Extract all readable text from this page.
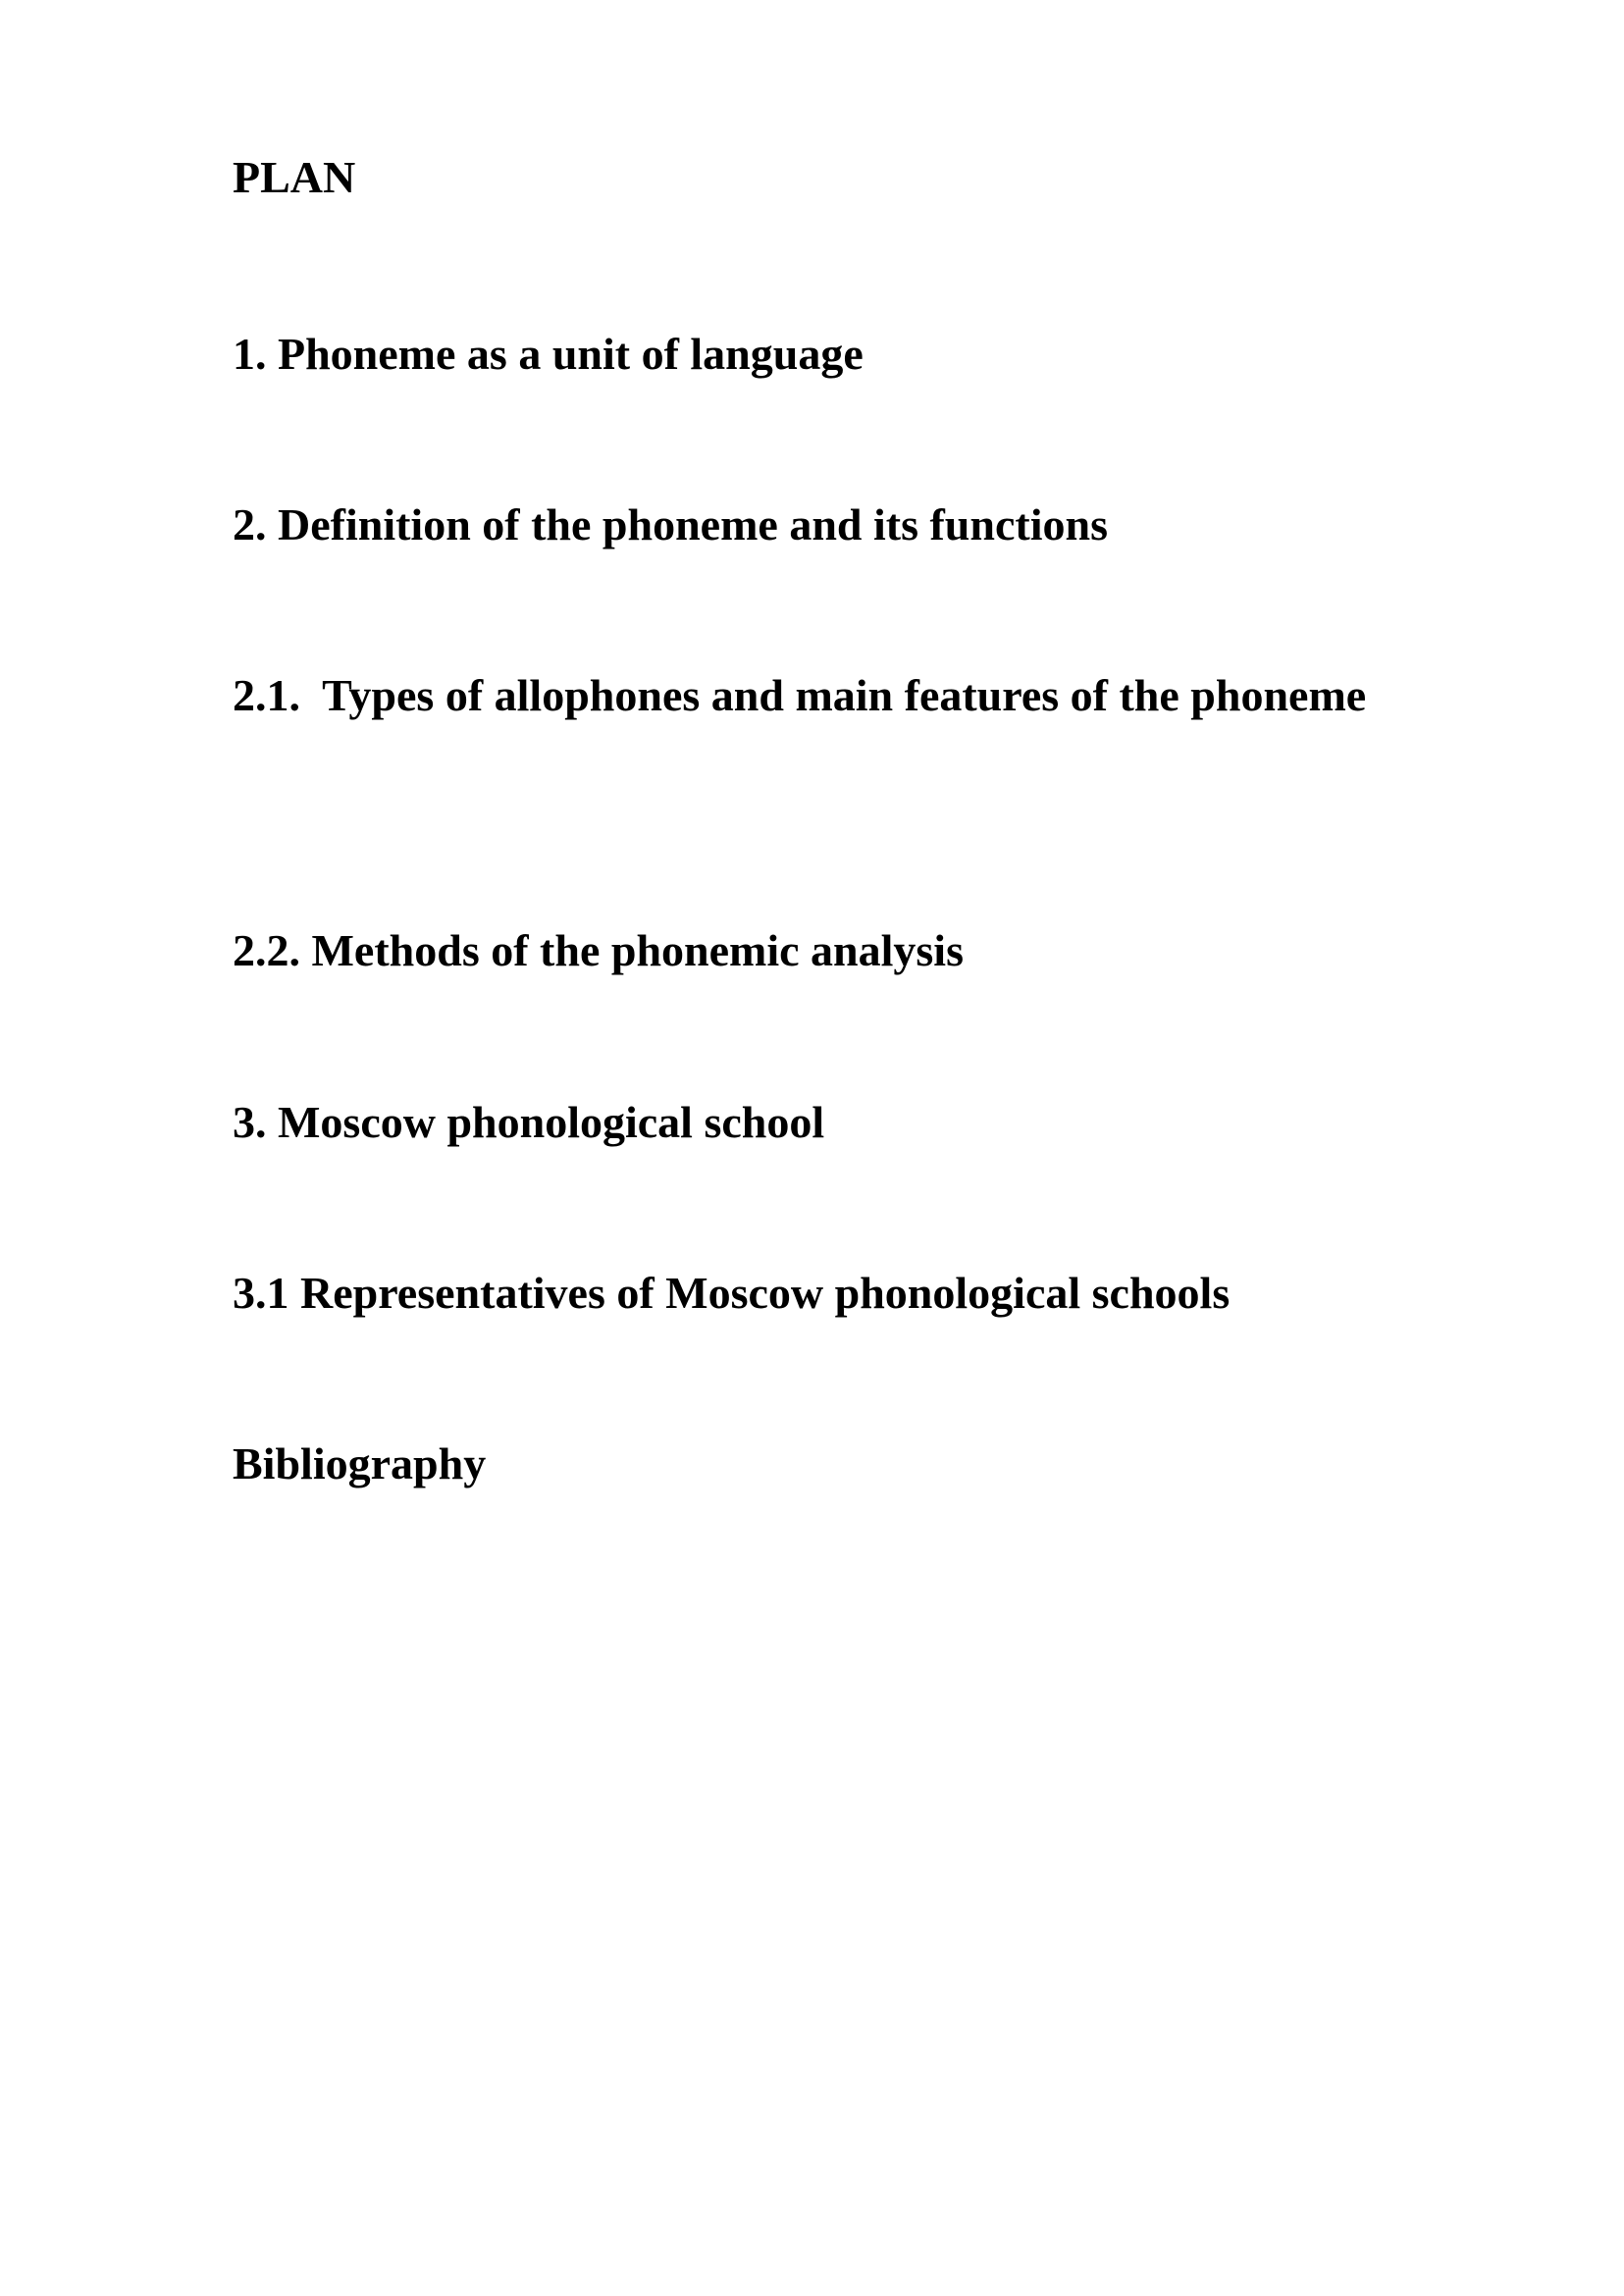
PLAN

1. Phoneme as a unit of language

2. Definition of the phoneme and its functions

2.1.  Types of allophones and main features of the phoneme

2.2. Methods of the phonemic analysis

3. Moscow phonological school

3.1 Representatives of Moscow phonological schools

Bibliography
